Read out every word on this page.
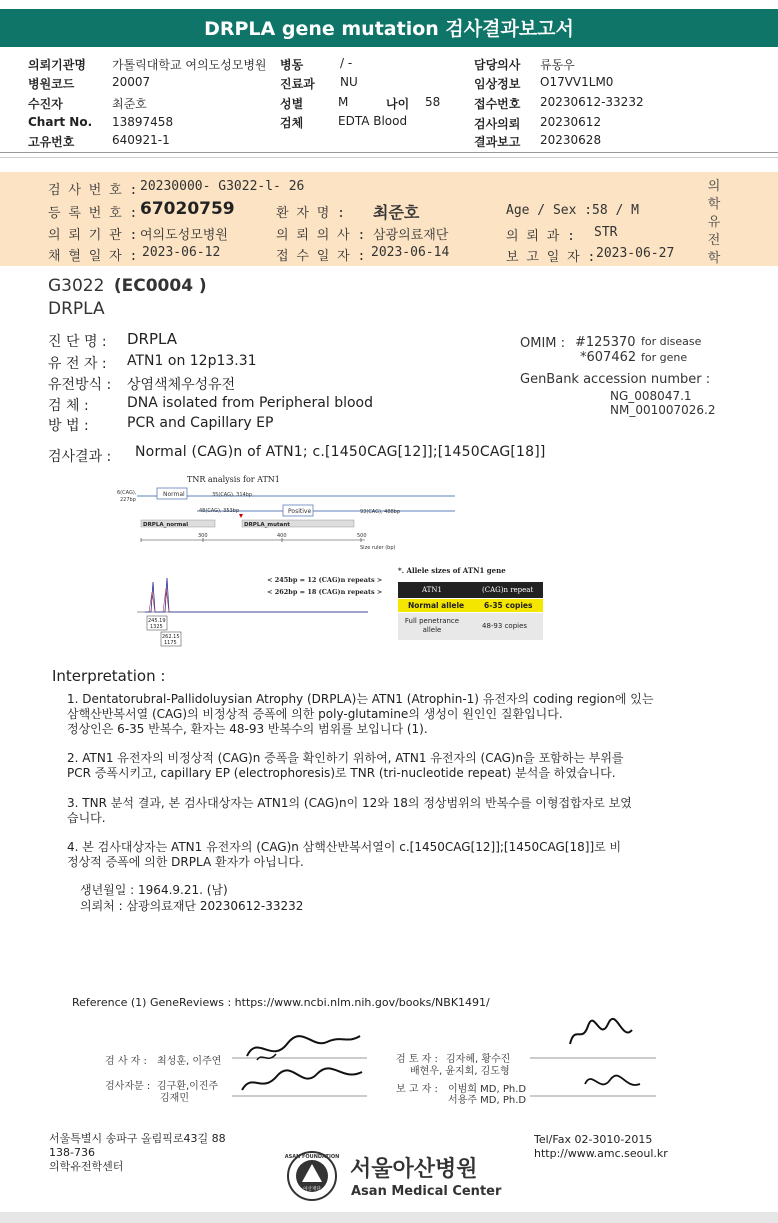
DRPLA gene mutation 검사결과보고서
의뢰기관명 가톨릭대학교 여의도성모병원
병원코드	20007
수진자	최준호
Chart No. 13897458
고유번호	640921-1
병동	/ -
진료과 NU
성별	M	나이 58
검체	EDTA Blood
담당의사 류동우
임상정보 O17VV1LM0
접수번호 20230612-33232
검사의뢰 20230612
결과보고 20230628
검 사 번 호 : 20230000- G3022-l- 26
등 록 번 호 : 67020759	환 자 명 : 최준호	Age / Sex : 58 / M
의 뢰 기 관 : 여의도성모병원	의 뢰 의 사 : 삼광의료재단	의 뢰 과 : STR
채 혈 일 자 : 2023-06-12	접 수 일 자 : 2023-06-14	보 고 일 자 : 2023-06-27
의
학
유
전
학
G3022 (EC0004 )
DRPLA
진 단 명 : DRPLA
유 전 자 : ATN1 on 12p13.31
유전방식 : 상염색체우성유전
검 체 :	DNA isolated from Peripheral blood
방 법 :	PCR and Capillary EP
OMIM : #125370 for disease
*607462 for gene
GenBank accession number :
NG_008047.1
NM_001007026.2
검사결과 : Normal (CAG)n of ATN1; c.[1450CAG[12]];[1450CAG[18]]
TNR analysis for ATN1
Normal
6(CAG),
227bp
35(CAG), 314bp
Positive
48(CAG), 353bp	93(CAG), 488bp
DRPLA_normal	DRPLA_mutant
300	400	500
Size ruler (bp)
< 245bp = 12 (CAG)n repeats >
< 262bp = 18 (CAG)n repeats >
245.19
1325
262.15
1175
*. Allele sizes of ATN1 gene
ATN1	(CAG)n repeat
Normal allele	6-35 copies
Full penetrance allele	48-93 copies
Interpretation :
1. Dentatorubral-Pallidoluysian Atrophy (DRPLA)는 ATN1 (Atrophin-1) 유전자의 coding region에 있는
삼핵산반복서열 (CAG)의 비정상적 증폭에 의한 poly-glutamine의 생성이 원인인 질환입니다.
정상인은 6-35 반복수, 환자는 48-93 반복수의 범위를 보입니다 (1).
2. ATN1 유전자의 비정상적 (CAG)n 증폭을 확인하기 위하여, ATN1 유전자의 (CAG)n을 포함하는 부위를
PCR 증폭시키고, capillary EP (electrophoresis)로 TNR (tri-nucleotide repeat) 분석을 하였습니다.
3. TNR 분석 결과, 본 검사대상자는 ATN1의 (CAG)n이 12와 18의 정상범위의 반복수를 이형접합자로 보였
습니다.
4. 본 검사대상자는 ATN1 유전자의 (CAG)n 삼핵산반복서열이 c.[1450CAG[12]];[1450CAG[18]]로 비
정상적 증폭에 의한 DRPLA 환자가 아닙니다.
생년월일 : 1964.9.21. (남)
의뢰처 : 삼광의료재단 20230612-33232
Reference (1) GeneReviews : https://www.ncbi.nlm.nih.gov/books/NBK1491/
검 사 자 : 최성훈, 이주연
검사자문 : 김구환,이진주
김재민
검 토 자 : 김자혜, 황수진
배현우, 윤지회, 김도형
보 고 자 : 이범희 MD, Ph.D
서용주 MD, Ph.D
서울특별시 송파구 올림픽로43길 88
138-736
의학유전학센터
Tel/Fax 02-3010-2015
http://www.amc.seoul.kr
ASAN FOUNDATION
아산재단
서울아산병원
Asan Medical Center
